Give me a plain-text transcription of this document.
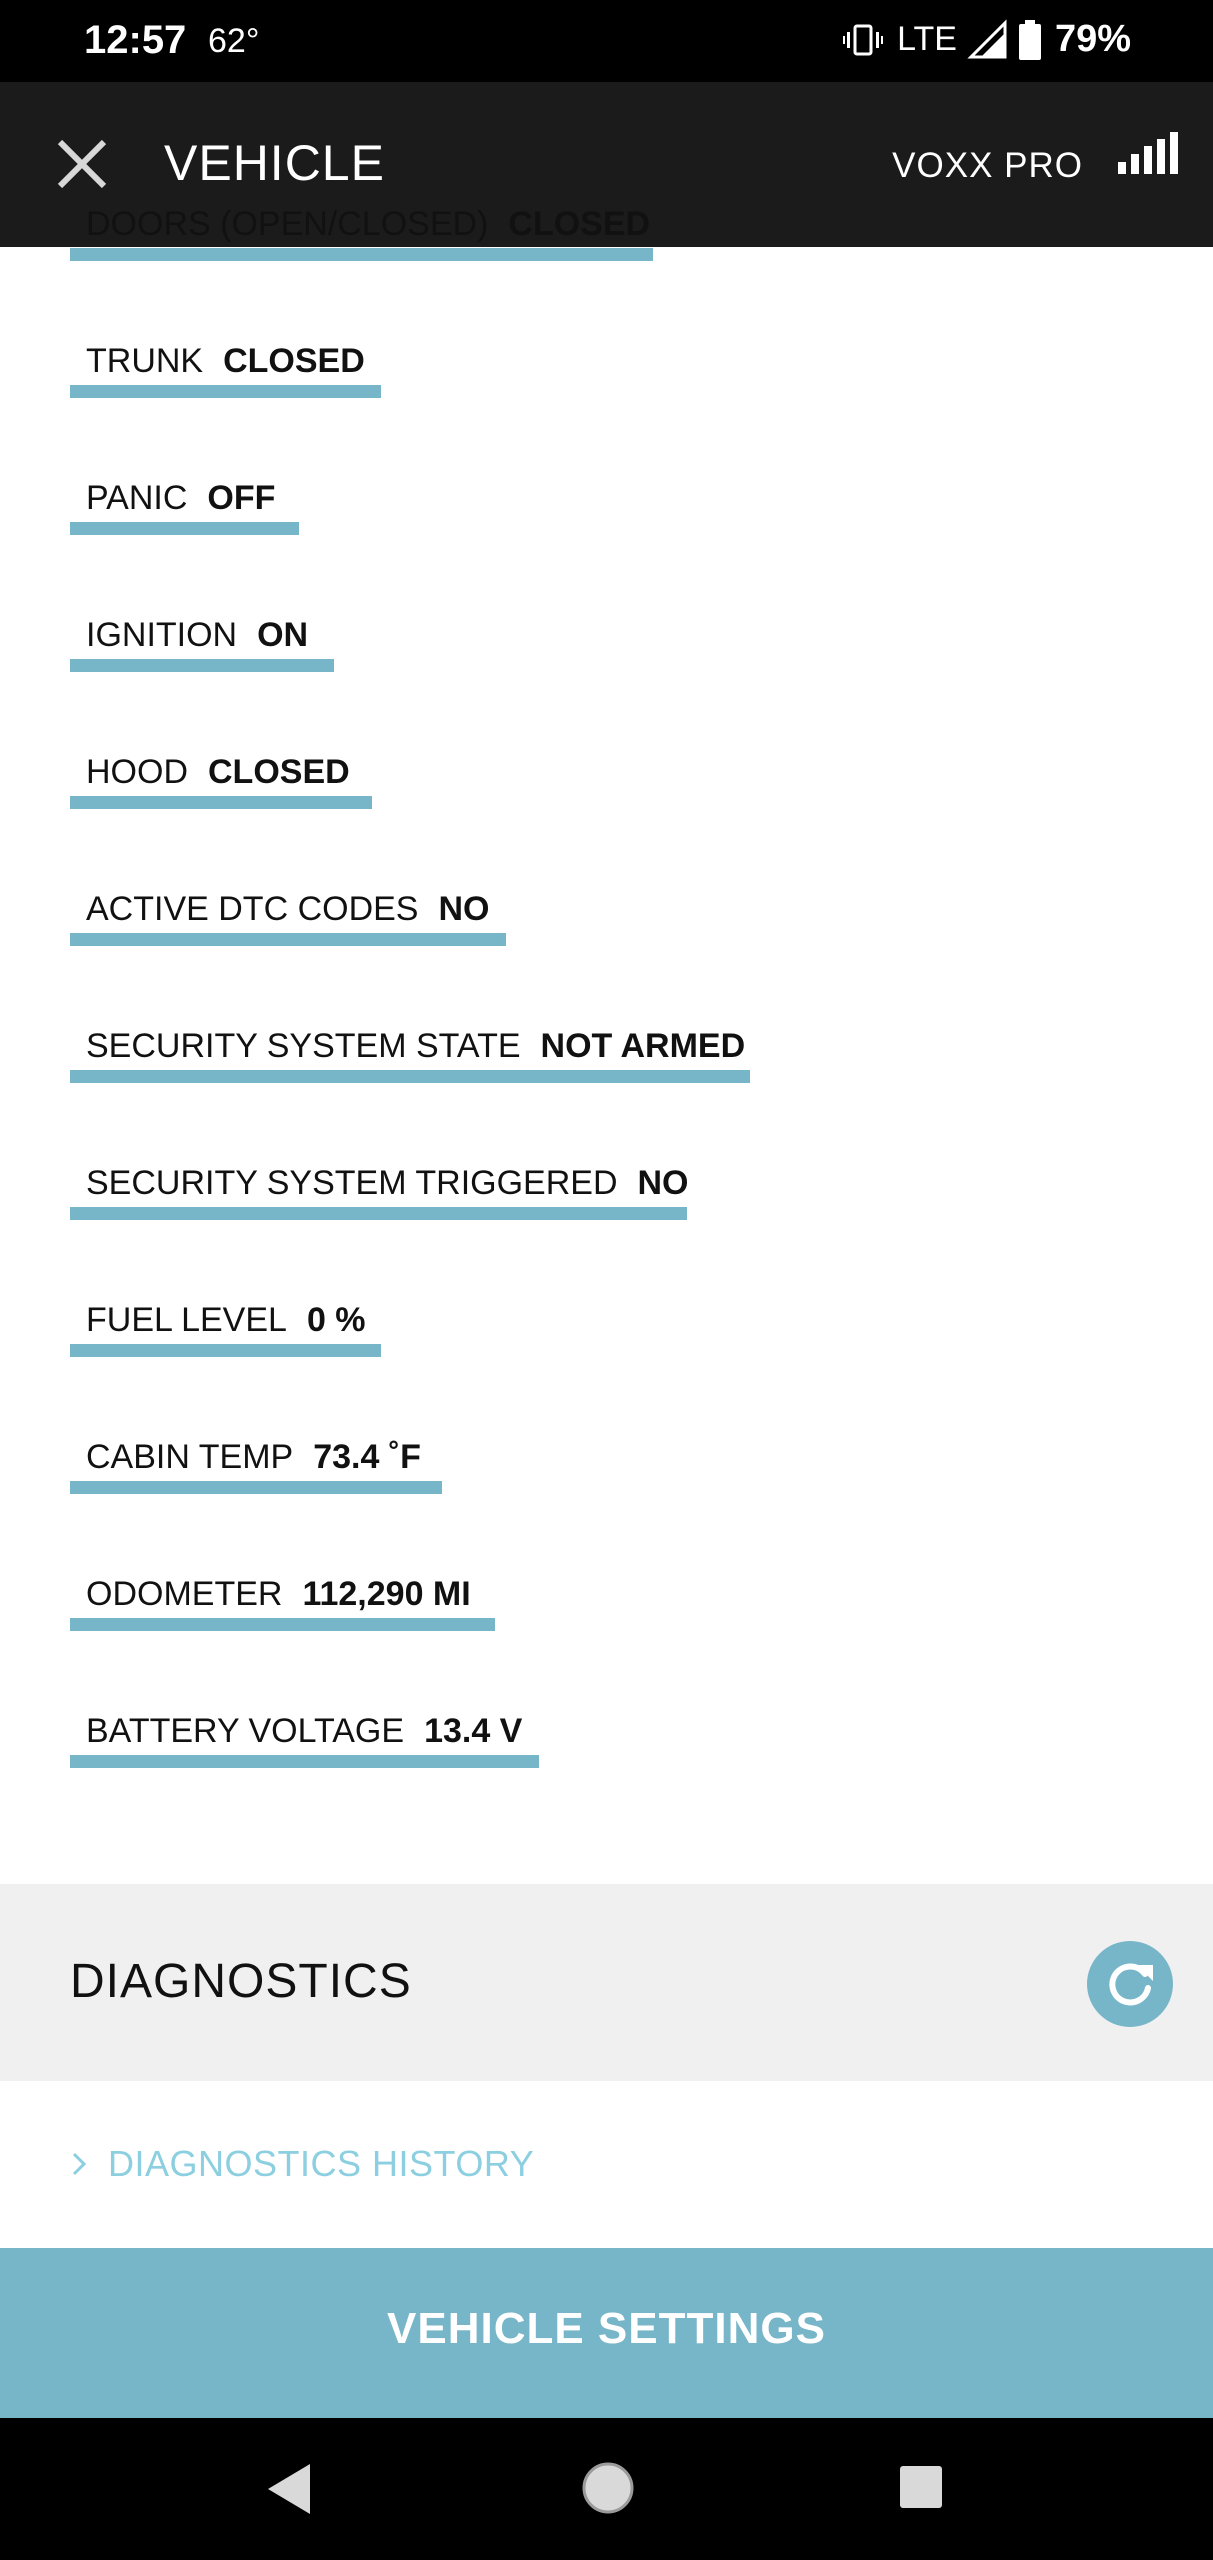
12:57 62°	LTE	79%
VEHICLE	VOXX PRO
DOORS (OPEN/CLOSED) CLOSED
TRUNK CLOSED
PANIC OFF
IGNITION ON
HOOD CLOSED
ACTIVE DTC CODES NO
SECURITY SYSTEM STATE NOT ARMED
SECURITY SYSTEM TRIGGERED NO
FUEL LEVEL 0 %
CABIN TEMP 73.4 ˚F
ODOMETER 112,290 MI
BATTERY VOLTAGE 13.4 V
DIAGNOSTICS
DIAGNOSTICS HISTORY
VEHICLE SETTINGS
